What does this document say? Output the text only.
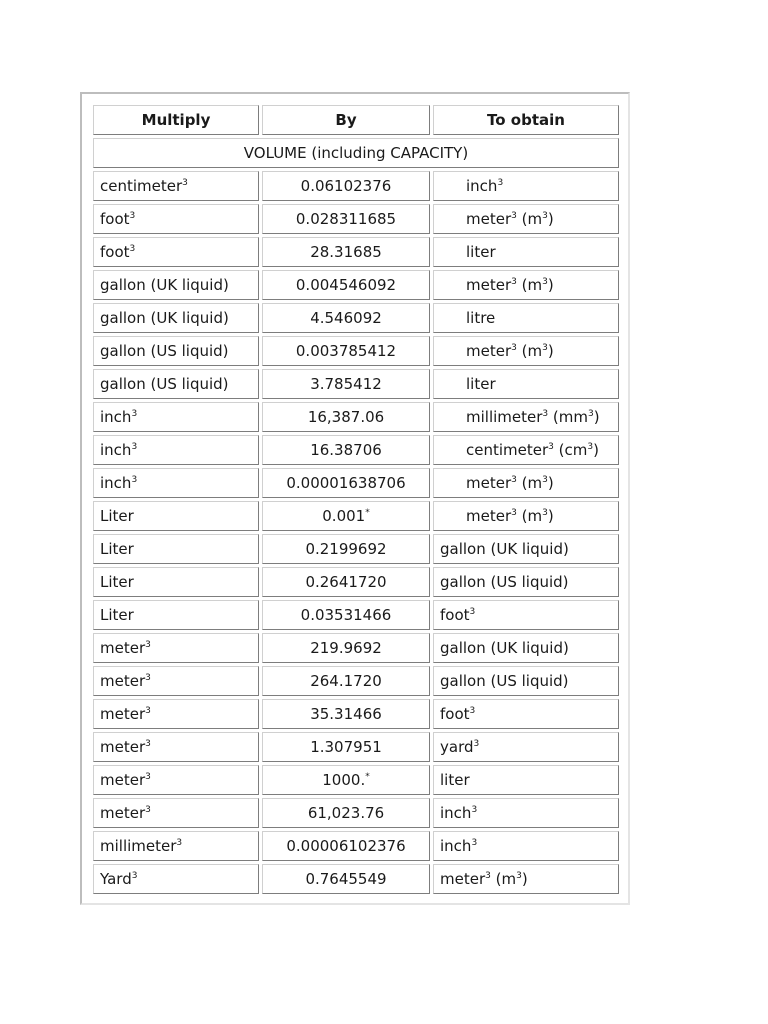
Multiply	By	To obtain
VOLUME (including CAPACITY)		
centimeter$^3$	0.06102376	inch$^3$
foot$^3$	0.028311685	meter$^3$ $(m^3)$
foot$^3$	28.31685	liter
gallon (UK liquid)	0.004546092	meter$^3$ $(m^3)$
gallon (UK liquid)	4.546092	litre
gallon (US liquid)	0.003785412	meter$^3$ $(m^3)$
gallon (US liquid)	3.785412	liter
inch$^3$	16,387.06	millimeter$^3$ $(mm^3)$
inch$^3$	16.38706	centimeter$^3$ $(cm^3)$
inch$^3$	0.00001638706	meter$^3$ $(m^3)$
Liter	0.001*	meter$^3$ $(m^3)$
Liter	0.2199692	gallon (UK liquid)
Liter	0.2641720	gallon (US liquid)
Liter	0.03531466	foot$^3$
meter$^3$	219.9692	gallon (UK liquid)
meter$^3$	264.1720	gallon (US liquid)
meter$^3$	35.31466	foot$^3$
meter$^3$	1.307951	yard$^3$
meter$^3$	1000.*	liter
meter$^3$	61,023.76	inch$^3$
millimeter$^3$	0.00006102376	inch$^3$
Yard$^3$	0.7645549	meter$^3$ $(m^3)$
